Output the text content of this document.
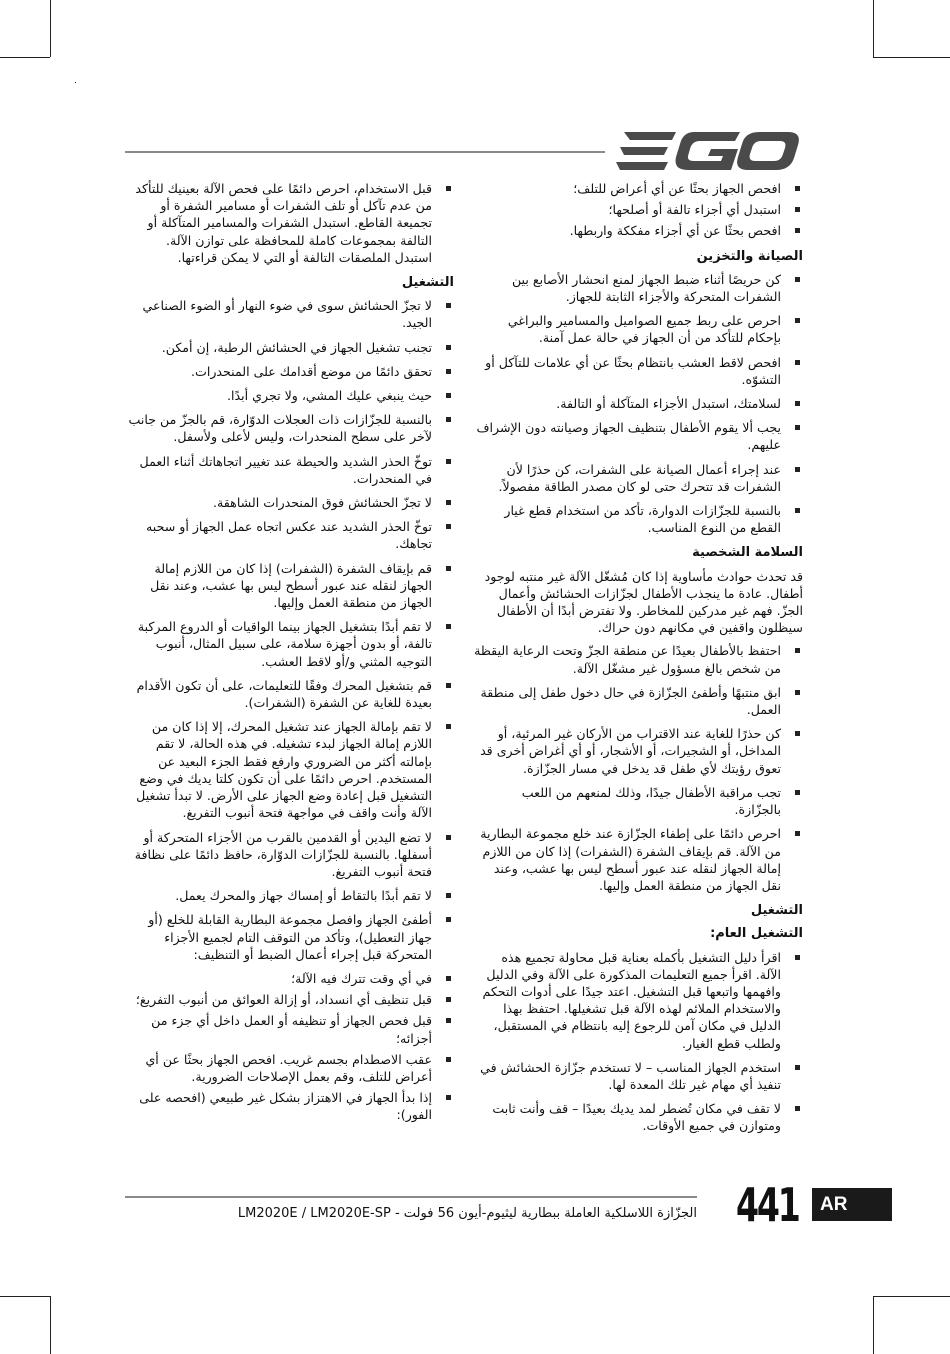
افحص الجهاز بحثًا عن أي أعراض للتلف؛
استبدل أي أجزاء تالفة أو أصلحها؛
افحص بحثًا عن أي أجزاء مفككة واربطها.
الصيانة والتخزين
كن حريصًا أثناء ضبط الجهاز لمنع انحشار الأصابع بين الشفرات المتحركة والأجزاء الثابتة للجهاز.
احرص على ربط جميع الصواميل والمسامير والبراغي بإحكام للتأكد من أن الجهاز في حالة عمل آمنة.
افحص لاقط العشب بانتظام بحثًا عن أي علامات للتآكل أو التشوّه.
لسلامتك، استبدل الأجزاء المتآكلة أو التالفة.
يجب ألا يقوم الأطفال بتنظيف الجهاز وصيانته دون الإشراف عليهم.
عند إجراء أعمال الصيانة على الشفرات، كن حذرًا لأن الشفرات قد تتحرك حتى لو كان مصدر الطاقة مفصولاً.
بالنسبة للجزّازات الدوارة، تأكد من استخدام قطع غيار القطع من النوع المناسب.
السلامة الشخصية

قد تحدث حوادث مأساوية إذا كان مُشغّل الآلة غير منتبه لوجود أطفال. عادة ما ينجذب الأطفال لجزّازات الحشائش وأعمال الجزّ. فهم غير مدركين للمخاطر. ولا تفترض أبدًا أن الأطفال سيظلون واقفين في مكانهم دون حراك.

احتفظ بالأطفال بعيدًا عن منطقة الجزّ وتحت الرعاية اليقظة من شخص بالغ مسؤول غير مشغّل الآلة.
ابق منتبهًا وأطفئ الجزّازة في حال دخول طفل إلى منطقة العمل.
كن حذرًا للغاية عند الاقتراب من الأركان غير المرئية، أو المداخل، أو الشجيرات، أو الأشجار، أو أي أغراض أخرى قد تعوق رؤيتك لأي طفل قد يدخل في مسار الجزّازة.
تجب مراقبة الأطفال جيدًا، وذلك لمنعهم من اللعب بالجزّازة.
احرص دائمًا على إطفاء الجزّازة عند خلع مجموعة البطارية من الآلة. قم بإيقاف الشفرة (الشفرات) إذا كان من اللازم إمالة الجهاز لنقله عند عبور أسطح ليس بها عشب، وعند نقل الجهاز من منطقة العمل وإليها.
التشغيل
التشغيل العام:
اقرأ دليل التشغيل بأكمله بعناية قبل محاولة تجميع هذه الآلة. اقرأ جميع التعليمات المذكورة على الآلة وفي الدليل وافهمها واتبعها قبل التشغيل. اعتد جيدًا على أدوات التحكم والاستخدام الملائم لهذه الآلة قبل تشغيلها. احتفظ بهذا الدليل في مكان آمن للرجوع إليه بانتظام في المستقبل، ولطلب قطع الغيار.
استخدم الجهاز المناسب – لا تستخدم جزّازة الحشائش في تنفيذ أي مهام غير تلك المعدة لها.
لا تقف في مكان تُضطر لمد يديك بعيدًا – قف وأنت ثابت ومتوازن في جميع الأوقات.
قبل الاستخدام، احرص دائمًا على فحص الآلة بعينيك للتأكد من عدم تآكل أو تلف الشفرات أو مسامير الشفرة أو تجميعة القاطع. استبدل الشفرات والمسامير المتآكلة أو التالفة بمجموعات كاملة للمحافظة على توازن الآلة. استبدل الملصقات التالفة أو التي لا يمكن قراءتها.
التشغيل
لا تجزّ الحشائش سوى في ضوء النهار أو الضوء الصناعي الجيد.
تجنب تشغيل الجهاز في الحشائش الرطبة، إن أمكن.
تحقق دائمًا من موضع أقدامك على المنحدرات.
حيث ينبغي عليك المشي، ولا تجري أبدًا.
بالنسبة للجزّازات ذات العجلات الدوّارة، قم بالجزّ من جانب لآخر على سطح المنحدرات، وليس لأعلى ولأسفل.
توخّ الحذر الشديد والحيطة عند تغيير اتجاهاتك أثناء العمل في المنحدرات.
لا تجزّ الحشائش فوق المنحدرات الشاهقة.
توخّ الحذر الشديد عند عكس اتجاه عمل الجهاز أو سحبه تجاهك.
قم بإيقاف الشفرة (الشفرات) إذا كان من اللازم إمالة الجهاز لنقله عند عبور أسطح ليس بها عشب، وعند نقل الجهاز من منطقة العمل وإليها.
لا تقم أبدًا بتشغيل الجهاز بينما الواقيات أو الدروع المركبة تالفة، أو بدون أجهزة سلامة، على سبيل المثال، أنبوب التوجيه المثني و/أو لاقط العشب.
قم بتشغيل المحرك وفقًا للتعليمات، على أن تكون الأقدام بعيدة للغاية عن الشفرة (الشفرات).
لا تقم بإمالة الجهاز عند تشغيل المحرك، إلا إذا كان من اللازم إمالة الجهاز لبدء تشغيله. في هذه الحالة، لا تقم بإمالته أكثر من الضروري وارفع فقط الجزء البعيد عن المستخدم. احرص دائمًا على أن تكون كلتا يديك في وضع التشغيل قبل إعادة وضع الجهاز على الأرض. لا تبدأ تشغيل الآلة وأنت واقف في مواجهة فتحة أنبوب التفريغ.
لا تضع اليدين أو القدمين بالقرب من الأجزاء المتحركة أو أسفلها. بالنسبة للجزّازات الدوّارة، حافظ دائمًا على نظافة فتحة أنبوب التفريغ.
لا تقم أبدًا بالتقاط أو إمساك جهاز والمحرك يعمل.
أطفئ الجهاز وافصل مجموعة البطارية القابلة للخلع (أو جهاز التعطيل)، وتأكد من التوقف التام لجميع الأجزاء المتحركة قبل إجراء أعمال الضبط أو التنظيف:
في أي وقت تترك فيه الآلة؛
قبل تنظيف أي انسداد، أو إزالة العوائق من أنبوب التفريغ؛
قبل فحص الجهاز أو تنظيفه أو العمل داخل أي جزء من أجزائه؛
عقب الاصطدام بجسم غريب. افحص الجهاز بحثًا عن أي أعراض للتلف، وقم بعمل الإصلاحات الضرورية.
إذا بدأ الجهاز في الاهتزاز بشكل غير طبيعي (افحصه على الفور):
LM2020E / LM2020E-SP - الجزّازة اللاسلكية العاملة ببطارية ليثيوم-أيون 56 فولت 441	AR
